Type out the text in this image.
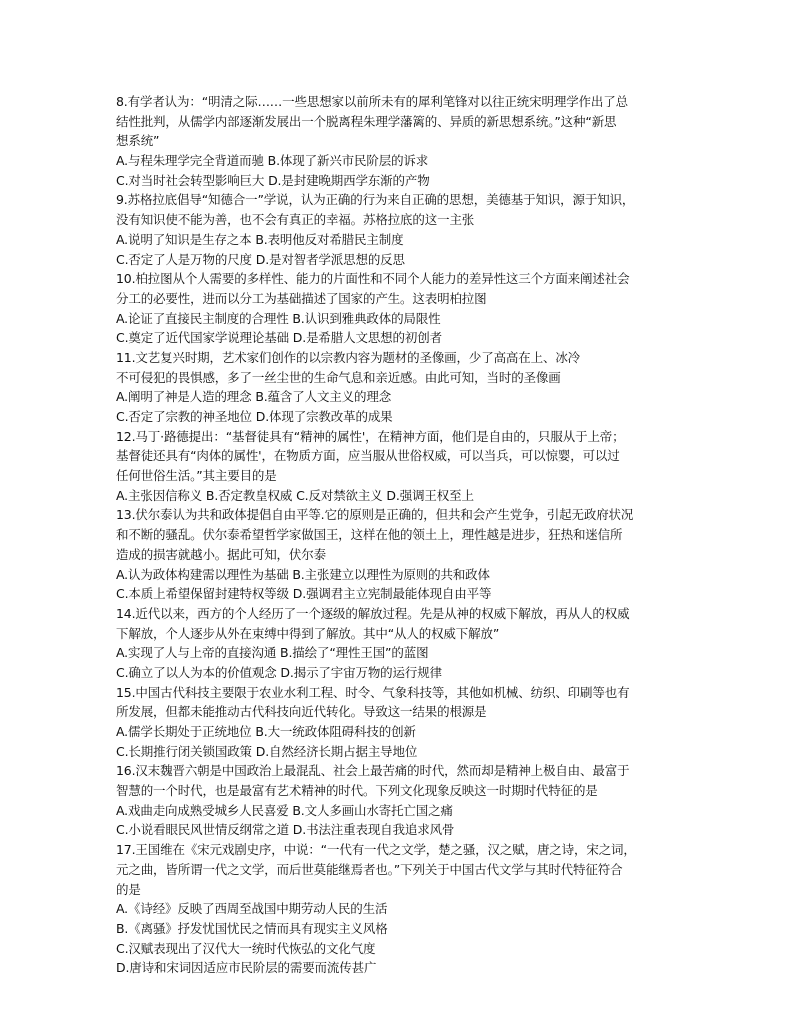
8.有学者认为：“明清之际……一些思想家以前所未有的犀利笔锋对以往正统宋明理学作出了总
结性批判，从儒学内部逐渐发展出一个脱离程朱理学藩篱的、异质的新思想系统。”这种“新思
想系统”
A.与程朱理学完全背道而驰 B.体现了新兴市民阶层的诉求
C.对当时社会转型影响巨大 D.是封建晚期西学东渐的产物
9.苏格拉底倡导“知德合一”学说，认为正确的行为来自正确的思想，美德基于知识，源于知识，
没有知识使不能为善，也不会有真正的幸福。苏格拉底的这一主张
A.说明了知识是生存之本 B.表明他反对希腊民主制度
C.否定了人是万物的尺度 D.是对智者学派思想的反思
10.柏拉图从个人需要的多样性、能力的片面性和不同个人能力的差异性这三个方面来阐述社会
分工的必要性，进而以分工为基础描述了国家的产生。这表明柏拉图
A.论证了直接民主制度的合理性 B.认识到雅典政体的局限性
C.奠定了近代国家学说理论基础 D.是希腊人文思想的初创者
11.文艺复兴时期，艺术家们创作的以宗教内容为题材的圣像画，少了高高在上、冰冷
不可侵犯的畏惧感，多了一丝尘世的生命气息和亲近感。由此可知，当时的圣像画
A.阐明了神是人造的理念 B.蕴含了人文主义的理念
C.否定了宗教的神圣地位 D.体现了宗教改革的成果
12.马丁·路德提出：“基督徒具有“精神的属性'，在精神方面，他们是自由的，只服从于上帝；
基督徒还具有“肉体的属性'，在物质方面，应当服从世俗权威，可以当兵，可以惊婴，可以过
任何世俗生活。”其主要目的是
A.主张因信称义 B.否定教皇权威 C.反对禁欲主义 D.强调王权至上
13.伏尔泰认为共和政体提倡自由平等.它的原则是正确的，但共和会产生党争，引起无政府状况
和不断的骚乱。伏尔泰希望哲学家做国王，这样在他的领土上，理性越是进步，狂热和迷信所
造成的损害就越小。据此可知，伏尔泰
A.认为政体构建需以理性为基础 B.主张建立以理性为原则的共和政体
C.本质上希望保留封建特权等级 D.强调君主立宪制最能体现自由平等
14.近代以来，西方的个人经历了一个逐级的解放过程。先是从神的权威下解放，再从人的权威
下解放，个人逐步从外在束缚中得到了解放。其中“从人的权威下解放”
A.实现了人与上帝的直接沟通 B.描绘了“理性王国”的蓝图
C.确立了以人为本的价值观念 D.揭示了宇宙万物的运行规律
15.中国古代科技主要限于农业水利工程、时令、气象科技等，其他如机械、纺织、印刷等也有
所发展，但都未能推动古代科技向近代转化。导致这一结果的根源是
A.儒学长期处于正统地位 B.大一统政体阻碍科技的创新
C.长期推行闭关锁国政策 D.自然经济长期占据主导地位
16.汉末魏晋六朝是中国政治上最混乱、社会上最苦痛的时代，然而却是精神上极自由、最富于
智慧的一个时代，也是最富有艺术精神的时代。下列文化现象反映这一时期时代特征的是
A.戏曲走向成熟受城乡人民喜爱 B.文人多画山水寄托亡国之痛
C.小说看眼民风世情反纲常之道 D.书法注重表现自我追求风骨
17.王国维在《宋元戏剧史序，中说：“一代有一代之文学，楚之骚，汉之赋，唐之诗，宋之词，
元之曲，皆所谓一代之文学，而后世莫能继焉者也。”下列关于中国古代文学与其时代特征符合
的是
A.《诗经》反映了西周至战国中期劳动人民的生活
B.《离骚》抒发忧国忧民之情而具有现实主义风格
C.汉赋表现出了汉代大一统时代恢弘的文化气度
D.唐诗和宋词因适应市民阶层的需要而流传甚广
